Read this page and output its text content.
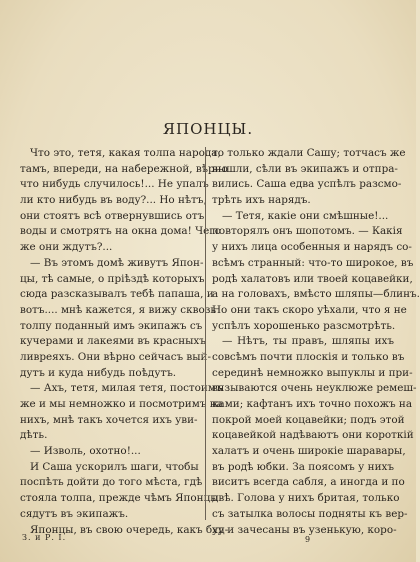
ЯПОНЦЫ.
Что это, тетя, какая толпа народа,
тамъ, впереди, на набережной, вѣрно
что нибудь случилось!... Не упалъ
ли кто нибудь въ воду?... Но нѣтъ,
они стоятъ всѣ отвернувшись отъ
воды и смотрятъ на окна дома! Чего
же они ждутъ?...
— Въ этомъ домѣ живутъ Япон-
цы, тѣ самые, о пріѣздѣ которыхъ
сюда разсказывалъ тебѣ папаша, и
вотъ.... мнѣ кажется, я вижу сквозь
толпу поданный имъ экипажъ съ
кучерами и лакеями въ красныхъ
ливреяхъ. Они вѣрно сейчасъ вый-
дутъ и куда нибудь поѣдутъ.
— Ахъ, тетя, милая тетя, постоимъ
же и мы немножко и посмотримъ на
нихъ, мнѣ такъ хочется ихъ уви-
дѣть.
— Изволь, охотно!...
И Саша ускорилъ шаги, чтобы
поспѣть дойти до того мѣста, гдѣ
стояла толпа, прежде чѣмъ Японцы
сядутъ въ экипажъ.
Японцы, въ свою очередь, какъ буд-
то только ждали Сашу; тотчасъ же
вышли, сѣли въ экипажъ и отпра-
вились. Саша едва успѣлъ разсмо-
трѣть ихъ нарядъ.
— Тетя, какіе они смѣшные!...
повторялъ онъ шопотомъ. — Какія
у нихъ лица особенныя и нарядъ со-
всѣмъ странный: что-то широкое, въ
родѣ халатовъ или твоей коцавейки,
а на головахъ, вмѣсто шляпы—блинъ.
Но они такъ скоро уѣхали, что я не
успѣлъ хорошенько разсмотрѣть.
— Нѣтъ, ты правъ, шляпы ихъ
совсѣмъ почти плоскія и только въ
серединѣ немножко выпуклы и при-
вязываются очень неуклюже ремеш-
ками; кафтанъ ихъ точно похожъ на
покрой моей коцавейки; подъ этой
коцавейкой надѣваютъ они короткій
халатъ и очень широкіе шаравары,
въ родѣ юбки. За поясомъ у нихъ
виситъ всегда сабля, а иногда и по
двѣ. Голова у нихъ бритая, только
съ затылка волосы подняты къ вер-
ху и зачесаны въ узенькую, коро-
З. и Р. I.	9
